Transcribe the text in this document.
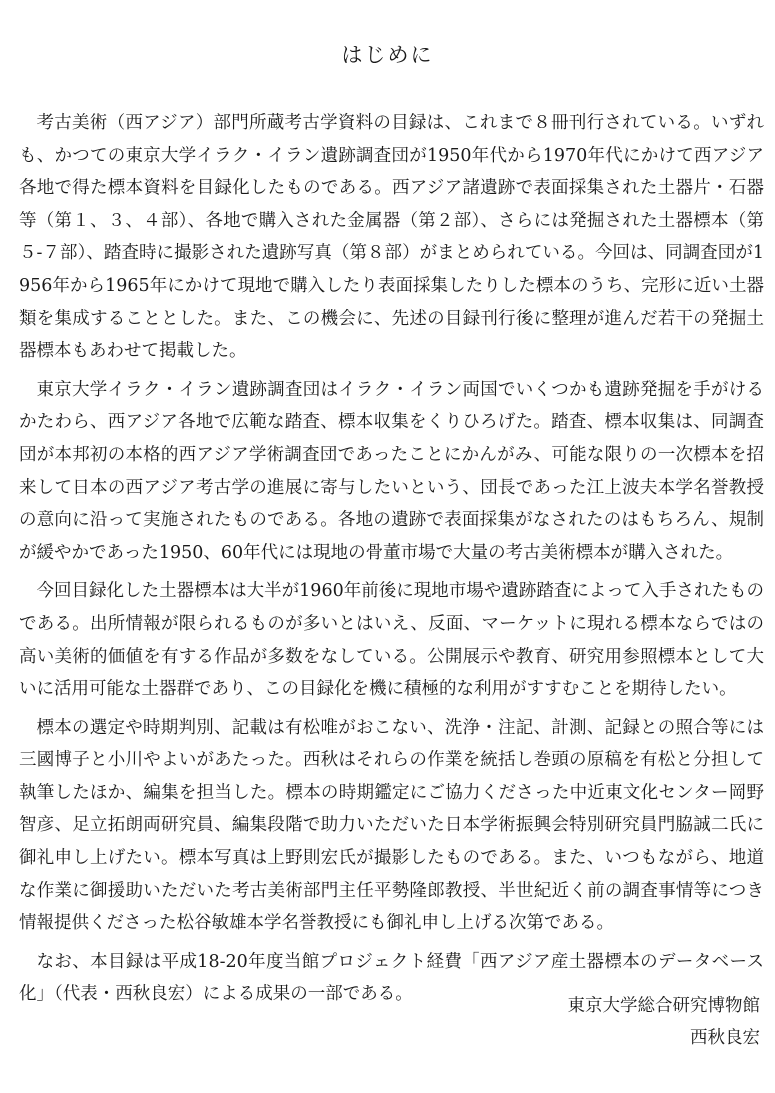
はじめに

考古美術（西アジア）部門所蔵考古学資料の目録は、これまで８冊刊行されている。いずれも、かつての東京大学イラク・イラン遺跡調査団が1950年代から1970年代にかけて西アジア各地で得た標本資料を目録化したものである。西アジア諸遺跡で表面採集された土器片・石器等（第１、３、４部）、各地で購入された金属器（第２部）、さらには発掘された土器標本（第５-７部）、踏査時に撮影された遺跡写真（第８部）がまとめられている。今回は、同調査団が1956年から1965年にかけて現地で購入したり表面採集したりした標本のうち、完形に近い土器類を集成することとした。また、この機会に、先述の目録刊行後に整理が進んだ若干の発掘土器標本もあわせて掲載した。

東京大学イラク・イラン遺跡調査団はイラク・イラン両国でいくつかも遺跡発掘を手がけるかたわら、西アジア各地で広範な踏査、標本収集をくりひろげた。踏査、標本収集は、同調査団が本邦初の本格的西アジア学術調査団であったことにかんがみ、可能な限りの一次標本を招来して日本の西アジア考古学の進展に寄与したいという、団長であった江上波夫本学名誉教授の意向に沿って実施されたものである。各地の遺跡で表面採集がなされたのはもちろん、規制が緩やかであった1950、60年代には現地の骨董市場で大量の考古美術標本が購入された。

今回目録化した土器標本は大半が1960年前後に現地市場や遺跡踏査によって入手されたものである。出所情報が限られるものが多いとはいえ、反面、マーケットに現れる標本ならではの高い美術的価値を有する作品が多数をなしている。公開展示や教育、研究用参照標本として大いに活用可能な土器群であり、この目録化を機に積極的な利用がすすむことを期待したい。

標本の選定や時期判別、記載は有松唯がおこない、洗浄・注記、計測、記録との照合等には三國博子と小川やよいがあたった。西秋はそれらの作業を統括し巻頭の原稿を有松と分担して執筆したほか、編集を担当した。標本の時期鑑定にご協力くださった中近東文化センター岡野智彦、足立拓朗両研究員、編集段階で助力いただいた日本学術振興会特別研究員門脇誠二氏に御礼申し上げたい。標本写真は上野則宏氏が撮影したものである。また、いつもながら、地道な作業に御援助いただいた考古美術部門主任平勢隆郎教授、半世紀近く前の調査事情等につき情報提供くださった松谷敏雄本学名誉教授にも御礼申し上げる次第である。

なお、本目録は平成18-20年度当館プロジェクト経費「西アジア産土器標本のデータベース化」（代表・西秋良宏）による成果の一部である。

東京大学総合研究博物館
西秋良宏
